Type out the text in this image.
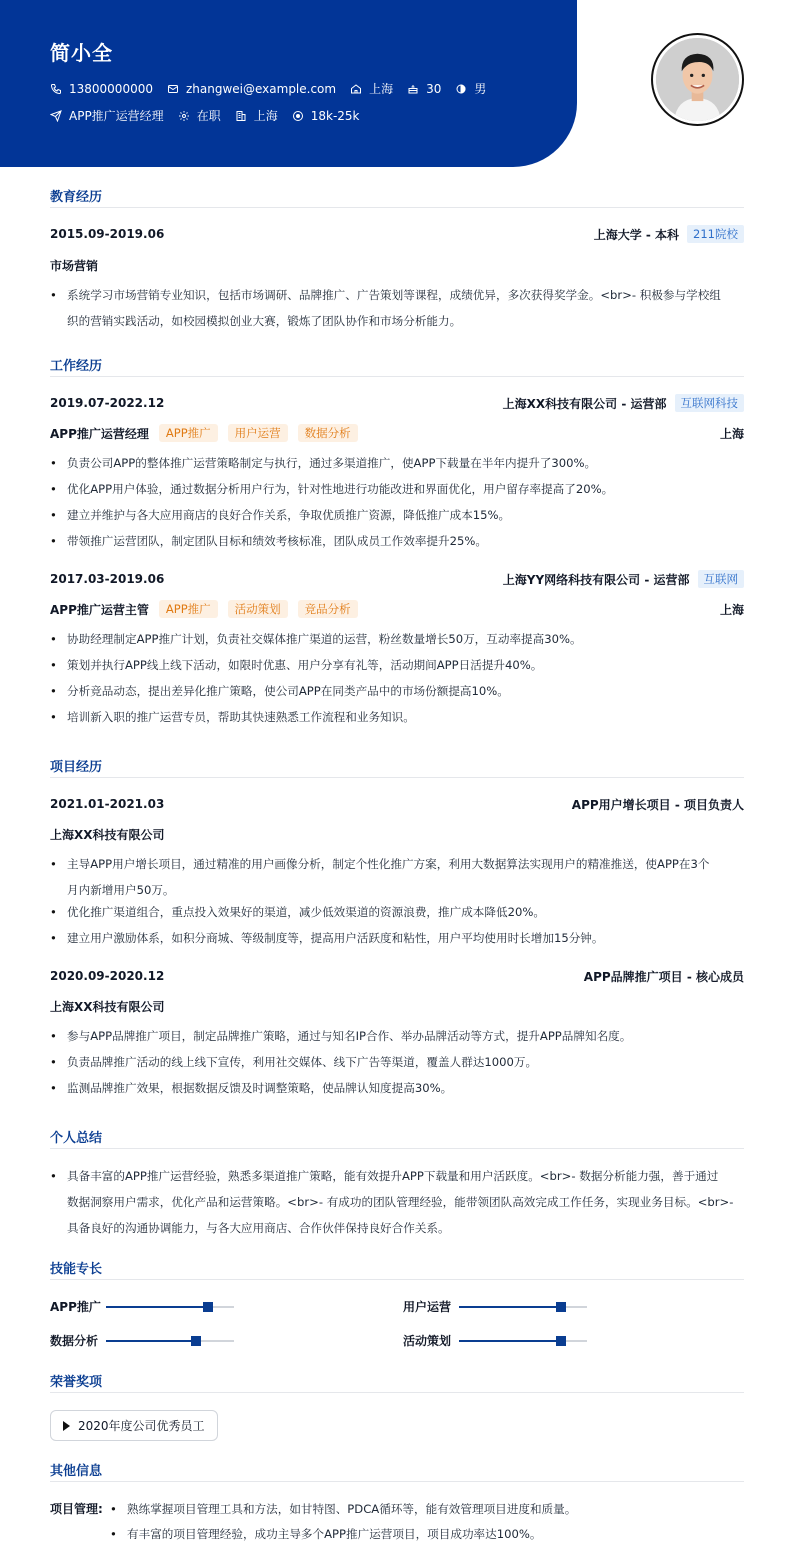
简小全
13800000000	zhangwei@example.com	上海	30	男
APP推广运营经理	在职	上海	18k-25k
教育经历
2015.09-2019.06	上海大学 - 本科	211院校
市场营销
• 系统学习市场营销专业知识，包括市场调研、品牌推广、广告策划等课程，成绩优异，多次获得奖学金。<br>- 积极参与学校组
织的营销实践活动，如校园模拟创业大赛，锻炼了团队协作和市场分析能力。
工作经历
2019.07-2022.12	上海XX科技有限公司 - 运营部	互联网科技
APP推广运营经理	APP推广	用户运营	数据分析	上海
• 负责公司APP的整体推广运营策略制定与执行，通过多渠道推广，使APP下载量在半年内提升了300%。
• 优化APP用户体验，通过数据分析用户行为，针对性地进行功能改进和界面优化，用户留存率提高了20%。
• 建立并维护与各大应用商店的良好合作关系，争取优质推广资源，降低推广成本15%。
• 带领推广运营团队，制定团队目标和绩效考核标准，团队成员工作效率提升25%。
2017.03-2019.06	上海YY网络科技有限公司 - 运营部	互联网
APP推广运营主管	APP推广	活动策划	竞品分析	上海
• 协助经理制定APP推广计划，负责社交媒体推广渠道的运营，粉丝数量增长50万，互动率提高30%。
• 策划并执行APP线上线下活动，如限时优惠、用户分享有礼等，活动期间APP日活提升40%。
• 分析竞品动态，提出差异化推广策略，使公司APP在同类产品中的市场份额提高10%。
• 培训新入职的推广运营专员，帮助其快速熟悉工作流程和业务知识。
项目经历
2021.01-2021.03	APP用户增长项目 - 项目负责人
上海XX科技有限公司
• 主导APP用户增长项目，通过精准的用户画像分析，制定个性化推广方案，利用大数据算法实现用户的精准推送，使APP在3个
月内新增用户50万。
• 优化推广渠道组合，重点投入效果好的渠道，减少低效渠道的资源浪费，推广成本降低20%。
• 建立用户激励体系，如积分商城、等级制度等，提高用户活跃度和粘性，用户平均使用时长增加15分钟。
2020.09-2020.12	APP品牌推广项目 - 核心成员
上海XX科技有限公司
• 参与APP品牌推广项目，制定品牌推广策略，通过与知名IP合作、举办品牌活动等方式，提升APP品牌知名度。
• 负责品牌推广活动的线上线下宣传，利用社交媒体、线下广告等渠道，覆盖人群达1000万。
• 监测品牌推广效果，根据数据反馈及时调整策略，使品牌认知度提高30%。
个人总结
• 具备丰富的APP推广运营经验，熟悉多渠道推广策略，能有效提升APP下载量和用户活跃度。<br>- 数据分析能力强，善于通过
数据洞察用户需求，优化产品和运营策略。<br>- 有成功的团队管理经验，能带领团队高效完成工作任务，实现业务目标。<br>-
具备良好的沟通协调能力，与各大应用商店、合作伙伴保持良好合作关系。
技能专长
APP推广	用户运营
数据分析	活动策划
荣誉奖项
2020年度公司优秀员工
其他信息
项目管理:
•	熟练掌握项目管理工具和方法，如甘特图、PDCA循环等，能有效管理项目进度和质量。
• 有丰富的项目管理经验，成功主导多个APP推广运营项目，项目成功率达100%。
